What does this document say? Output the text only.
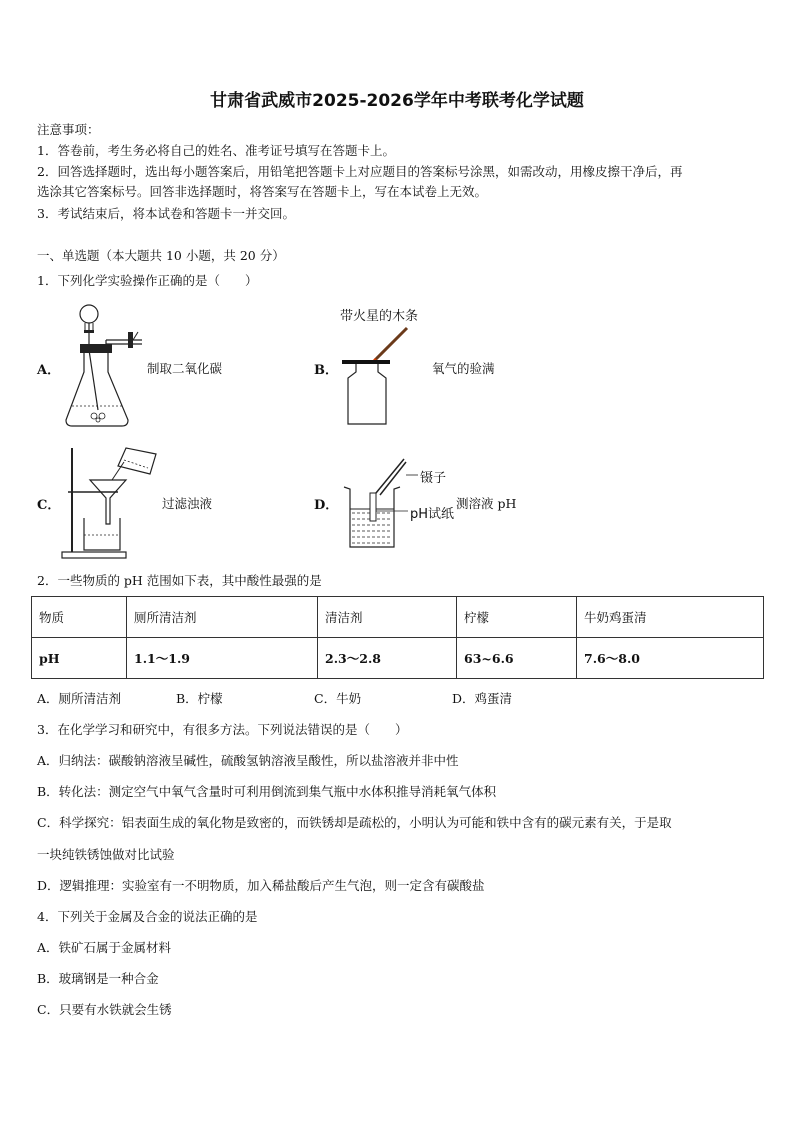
甘肃省武威市2025-2026学年中考联考化学试题
注意事项：
1．答卷前，考生务必将自己的姓名、准考证号填写在答题卡上。
2．回答选择题时，选出每小题答案后，用铅笔把答题卡上对应题目的答案标号涂黑，如需改动，用橡皮擦干净后，再
选涂其它答案标号。回答非选择题时，将答案写在答题卡上，写在本试卷上无效。
3．考试结束后，将本试卷和答题卡一并交回。
一、单选题（本大题共 10 小题，共 20 分）
1．下列化学实验操作正确的是（　　）
A．	制取二氧化碳	B．
带火星的木条
氧气的验满
C．	过滤浊液	D．
镊子
pH试纸
测溶液 pH
2．一些物质的 pH 范围如下表，其中酸性最强的是
物质	厕所清洁剂	清洁剂	柠檬	牛奶鸡蛋清
pH	1.1～1.9	2.3～2.8	63~6.6	7.6～8.0
A．厕所清洁剂	B．柠檬	C．牛奶	D．鸡蛋清
3．在化学学习和研究中，有很多方法。下列说法错误的是（　　）
A．归纳法：碳酸钠溶液呈碱性，硫酸氢钠溶液呈酸性，所以盐溶液并非中性
B．转化法：测定空气中氧气含量时可利用倒流到集气瓶中水体积推导消耗氧气体积
C．科学探究：铝表面生成的氧化物是致密的，而铁锈却是疏松的，小明认为可能和铁中含有的碳元素有关，于是取
一块纯铁锈蚀做对比试验
D．逻辑推理：实验室有一不明物质，加入稀盐酸后产生气泡，则一定含有碳酸盐
4．下列关于金属及合金的说法正确的是
A．铁矿石属于金属材料
B．玻璃钢是一种合金
C．只要有水铁就会生锈
